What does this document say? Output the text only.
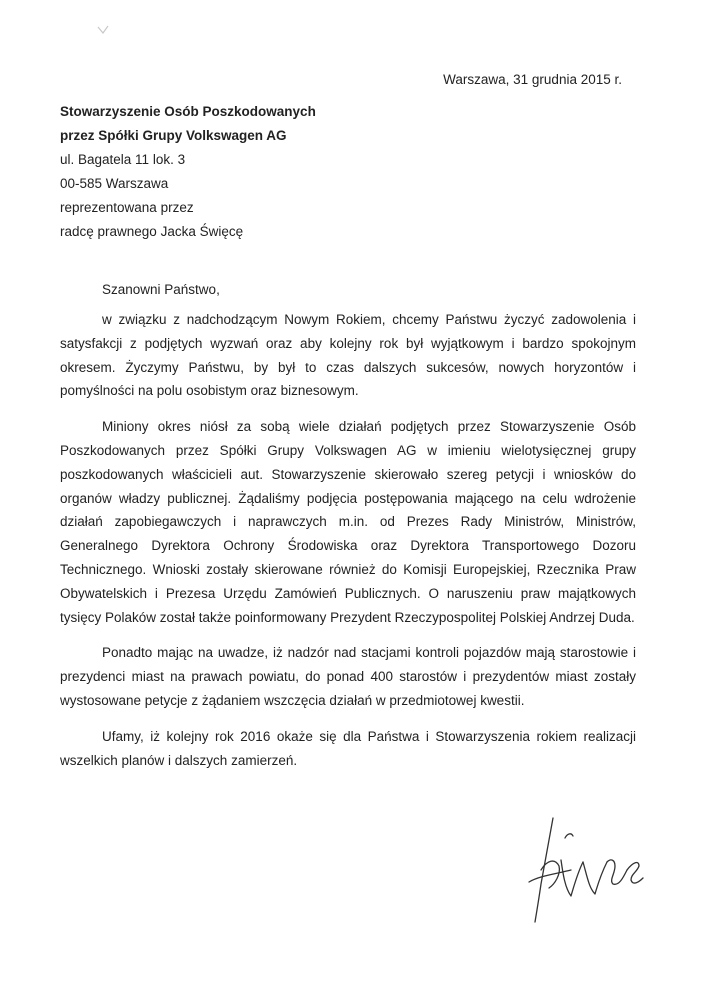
Warszawa, 31 grudnia 2015 r.
Stowarzyszenie Osób Poszkodowanych
przez Spółki Grupy Volkswagen AG
ul. Bagatela 11 lok. 3
00-585 Warszawa
reprezentowana przez
radcę prawnego Jacka Święcę
Szanowni Państwo,

w związku z nadchodzącym Nowym Rokiem, chcemy Państwu życzyć zadowolenia i satysfakcji z podjętych wyzwań oraz aby kolejny rok był wyjątkowym i bardzo spokojnym okresem. Życzymy Państwu, by był to czas dalszych sukcesów, nowych horyzontów i pomyślności na polu osobistym oraz biznesowym.

Miniony okres niósł za sobą wiele działań podjętych przez Stowarzyszenie Osób Poszkodowanych przez Spółki Grupy Volkswagen AG w imieniu wielotysięcznej grupy poszkodowanych właścicieli aut. Stowarzyszenie skierowało szereg petycji i wniosków do organów władzy publicznej. Żądaliśmy podjęcia postępowania mającego na celu wdrożenie działań zapobiegawczych i naprawczych m.in. od Prezes Rady Ministrów, Ministrów, Generalnego Dyrektora Ochrony Środowiska oraz Dyrektora Transportowego Dozoru Technicznego. Wnioski zostały skierowane również do Komisji Europejskiej, Rzecznika Praw Obywatelskich i Prezesa Urzędu Zamówień Publicznych. O naruszeniu praw majątkowych tysięcy Polaków został także poinformowany Prezydent Rzeczypospolitej Polskiej Andrzej Duda.

Ponadto mając na uwadze, iż nadzór nad stacjami kontroli pojazdów mają starostowie i prezydenci miast na prawach powiatu, do ponad 400 starostów i prezydentów miast zostały wystosowane petycje z żądaniem wszczęcia działań w przedmiotowej kwestii.

Ufamy, iż kolejny rok 2016 okaże się dla Państwa i Stowarzyszenia rokiem realizacji wszelkich planów i dalszych zamierzeń.
